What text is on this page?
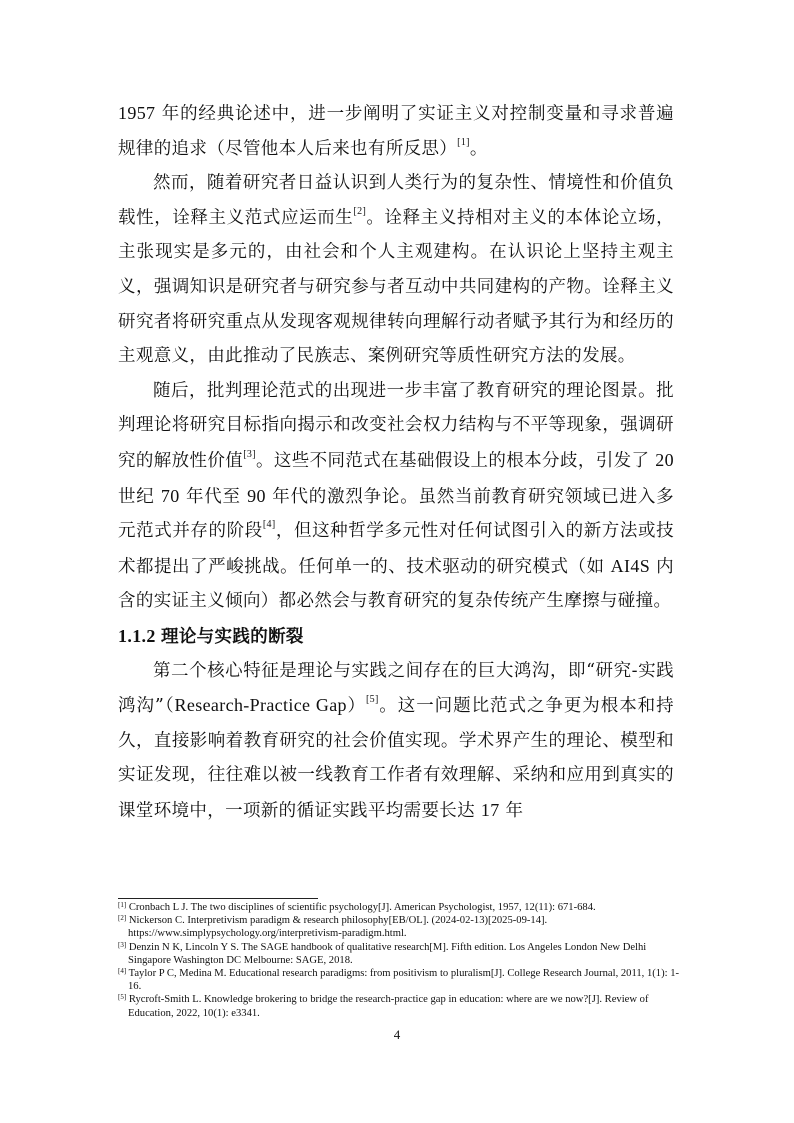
1957 年的经典论述中，进一步阐明了实证主义对控制变量和寻求普遍规律的追求（尽管他本人后来也有所反思）[1]。

然而，随着研究者日益认识到人类行为的复杂性、情境性和价值负载性，诠释主义范式应运而生[2]。诠释主义持相对主义的本体论立场，主张现实是多元的，由社会和个人主观建构。在认识论上坚持主观主义，强调知识是研究者与研究参与者互动中共同建构的产物。诠释主义研究者将研究重点从发现客观规律转向理解行动者赋予其行为和经历的主观意义，由此推动了民族志、案例研究等质性研究方法的发展。

随后，批判理论范式的出现进一步丰富了教育研究的理论图景。批判理论将研究目标指向揭示和改变社会权力结构与不平等现象，强调研究的解放性价值[3]。这些不同范式在基础假设上的根本分歧，引发了 20 世纪 70 年代至 90 年代的激烈争论。虽然当前教育研究领域已进入多元范式并存的阶段[4]，但这种哲学多元性对任何试图引入的新方法或技术都提出了严峻挑战。任何单一的、技术驱动的研究模式（如 AI4S 内含的实证主义倾向）都必然会与教育研究的复杂传统产生摩擦与碰撞。

1.1.2 理论与实践的断裂

第二个核心特征是理论与实践之间存在的巨大鸿沟，即“研究-实践鸿沟”（Research-Practice Gap）[5]。这一问题比范式之争更为根本和持久，直接影响着教育研究的社会价值实现。学术界产生的理论、模型和实证发现，往往难以被一线教育工作者有效理解、采纳和应用到真实的课堂环境中，一项新的循证实践平均需要长达 17 年

[1] Cronbach L J. The two disciplines of scientific psychology[J]. American Psychologist, 1957, 12(11): 671-684.
[2] Nickerson C. Interpretivism paradigm & research philosophy[EB/OL]. (2024-02-13)[2025-09-14]. https://www.simplypsychology.org/interpretivism-paradigm.html.
[3] Denzin N K, Lincoln Y S. The SAGE handbook of qualitative research[M]. Fifth edition. Los Angeles London New Delhi Singapore Washington DC Melbourne: SAGE, 2018.
[4] Taylor P C, Medina M. Educational research paradigms: from positivism to pluralism[J]. College Research Journal, 2011, 1(1): 1-16.
[5] Rycroft-Smith L. Knowledge brokering to bridge the research-practice gap in education: where are we now?[J]. Review of Education, 2022, 10(1): e3341.
4
